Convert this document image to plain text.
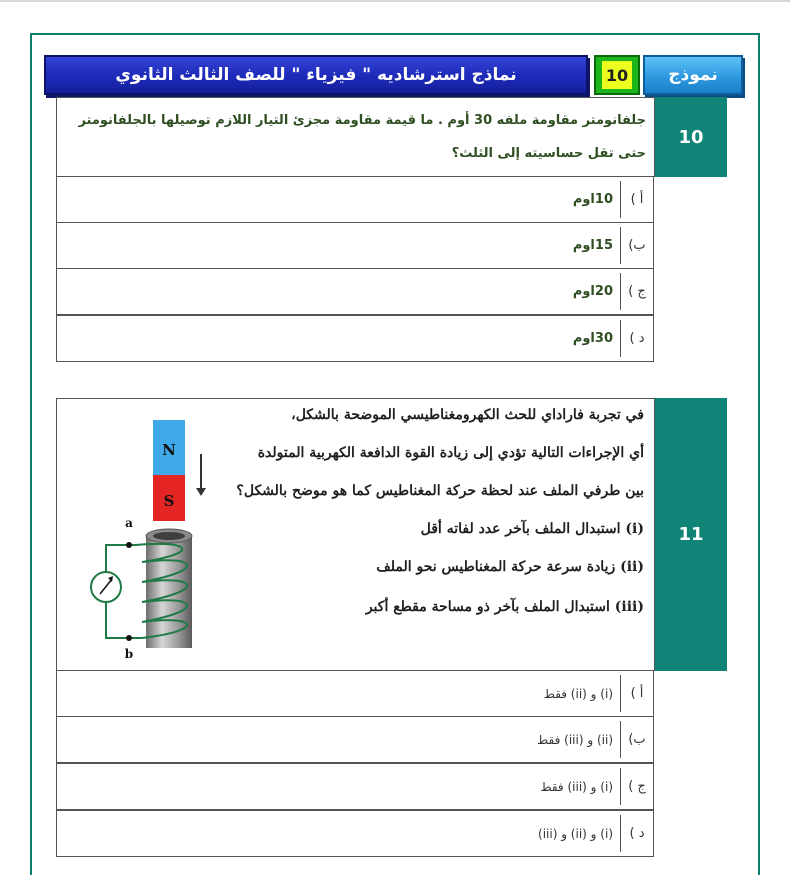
نماذج استرشاديه " فيزياء " للصف الثالث الثانوي	10	نموذج
جلفانومتر مقاومة ملفه 30 أوم . ما قيمة مقاومة مجزئ التيار اللازم توصيلها بالجلفانومتر حتى تقل حساسيته إلى الثلث؟
10
أ )
10اوم
ب)
15اوم
ج )
20اوم
د )
30اوم
11
في تجربة فاراداي للحث الكهرومغناطيسي الموضحة بالشكل،
أي الإجراءات التالية تؤدي إلى زيادة القوة الدافعة الكهربية المتولدة
بين طرفي الملف عند لحظة حركة المغناطيس كما هو موضح بالشكل؟
(i) استبدال الملف بآخر عدد لفاته أقل
(ii) زيادة سرعة حركة المغناطيس نحو الملف
(iii) استبدال الملف بآخر ذو مساحة مقطع أكبر
N
S
a
b
أ )
(i) و (ii) فقط
ب)
(ii) و (iii) فقط
ج )
(i) و (iii) فقط
د )
(i) و (ii) و (iii)
